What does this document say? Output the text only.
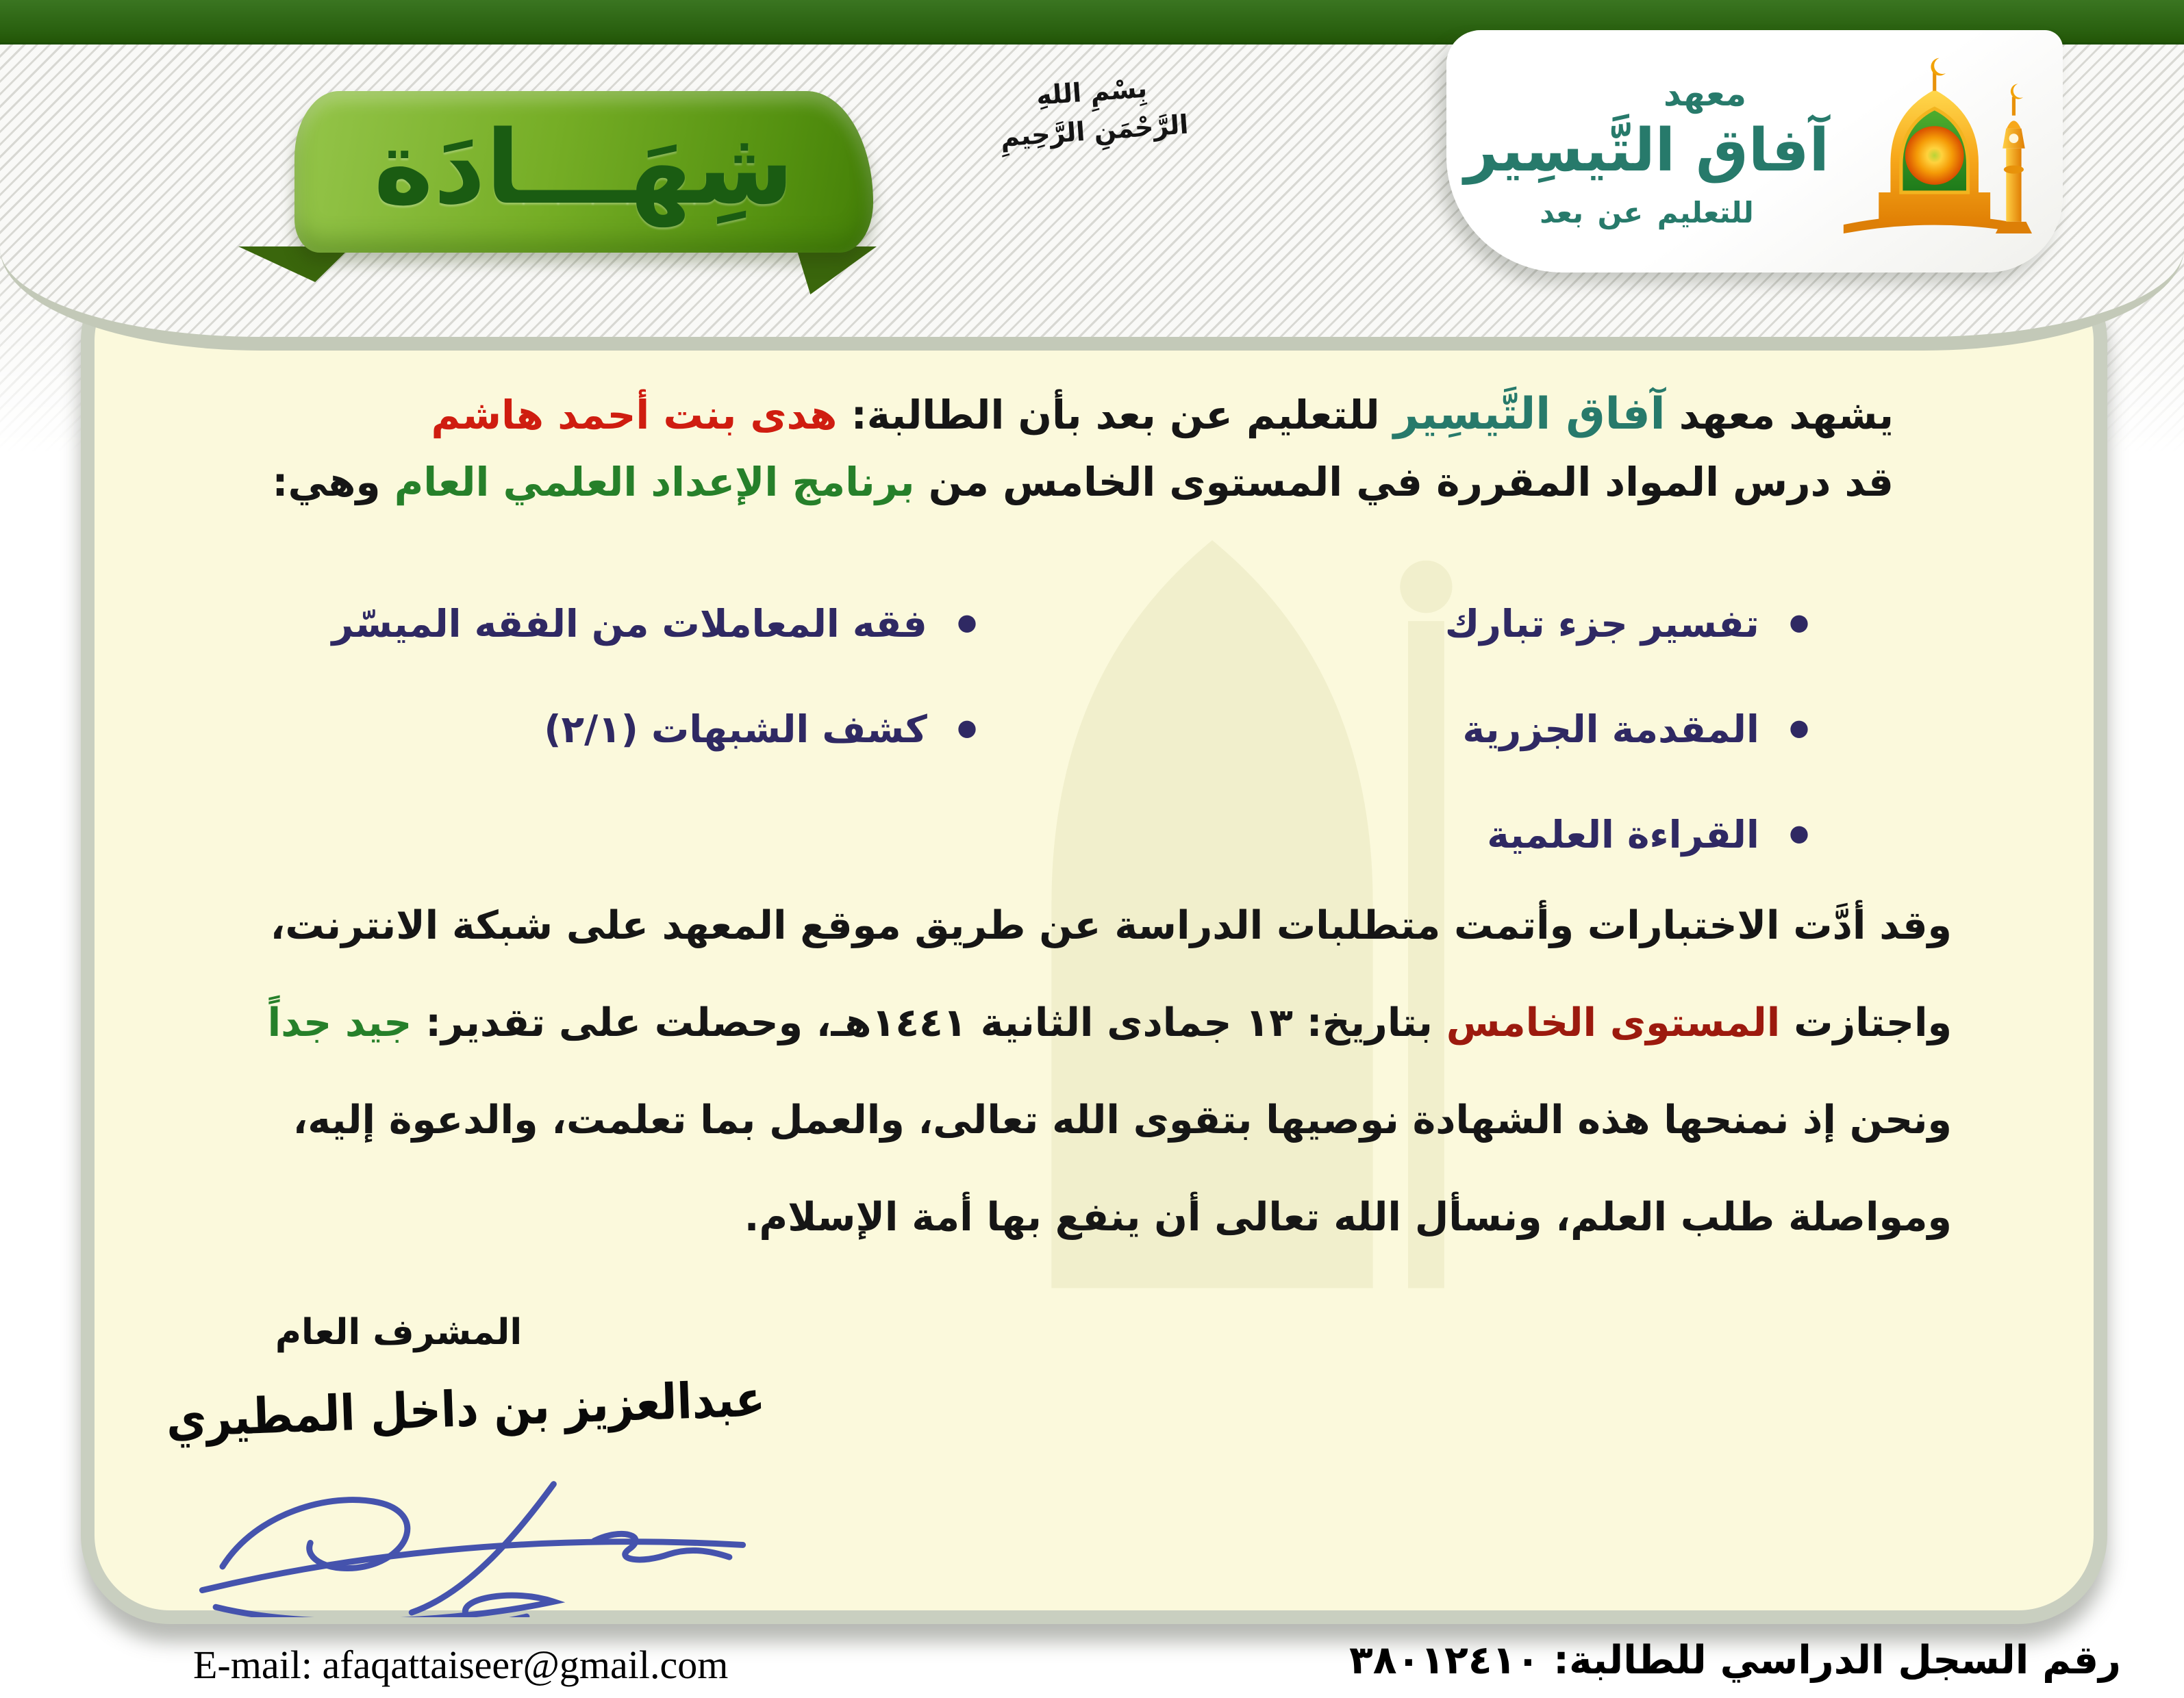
شِهَـــادَة
بِسْمِ اللهِ
الرَّحْمَنِ الرَّحِيمِ
معهد
آفاق التَّيسِير
للتعليم عن بعد
يشهد معهد آفاق التَّيسِير للتعليم عن بعد بأن الطالبة: هدى بنت أحمد هاشم
قد درس المواد المقررة في المستوى الخامس من برنامج الإعداد العلمي العام وهي:
• تفسير جزء تبارك
• المقدمة الجزرية
• القراءة العلمية
• فقه المعاملات من الفقه الميسّر
• كشف الشبهات (٢/١)
وقد أدَّت الاختبارات وأتمت متطلبات الدراسة عن طريق موقع المعهد على شبكة الانترنت،
واجتازت المستوى الخامس بتاريخ: ١٣ جمادى الثانية ١٤٤١هـ، وحصلت على تقدير: جيد جداً
ونحن إذ نمنحها هذه الشهادة نوصيها بتقوى الله تعالى، والعمل بما تعلمت، والدعوة إليه،
ومواصلة طلب العلم، ونسأل الله تعالى أن ينفع بها أمة الإسلام.
المشرف العام
عبدالعزيز بن داخل المطيري
E-mail: afaqattaiseer@gmail.com	رقم السجل الدراسي للطالبة: ٣٨٠١٢٤١٠
